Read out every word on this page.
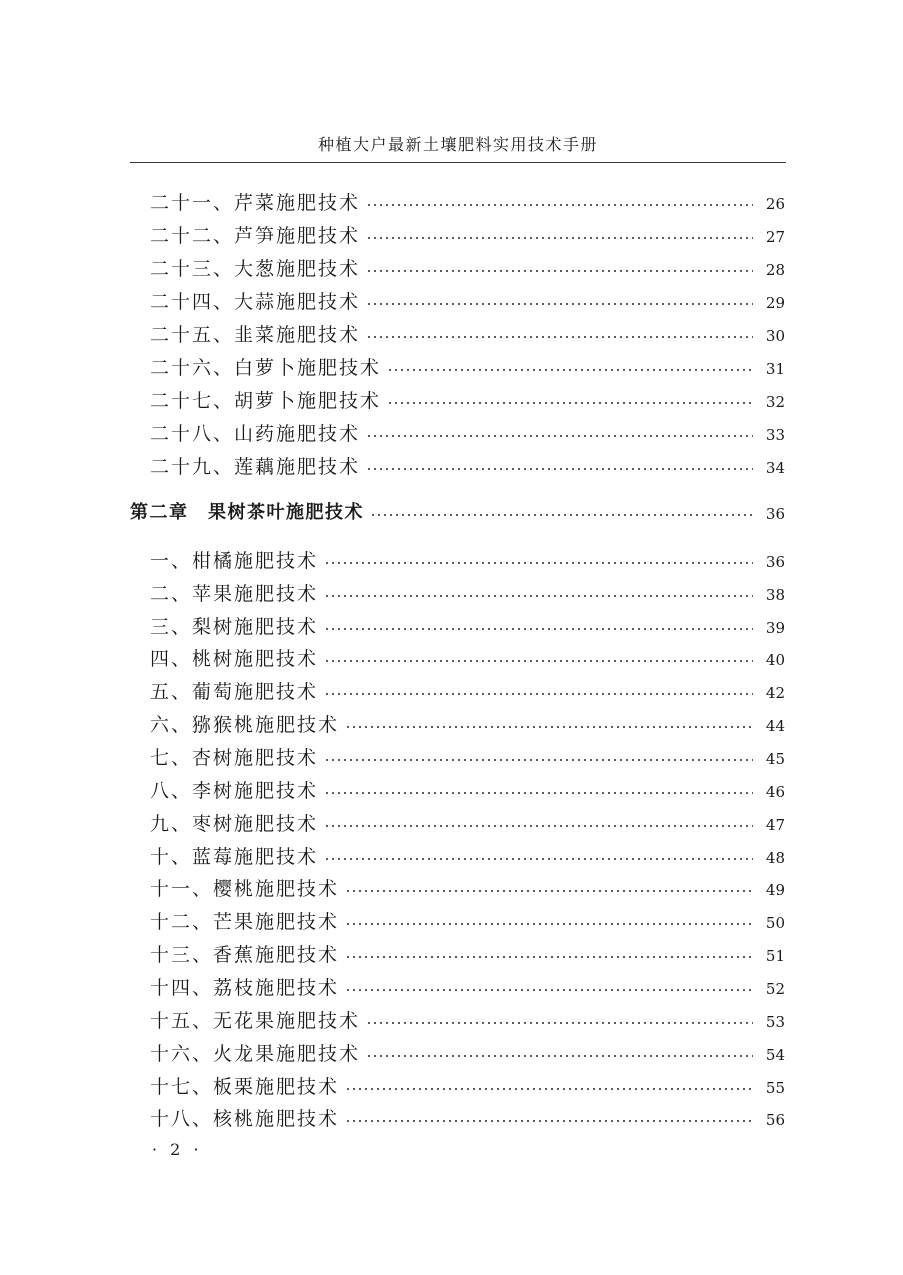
种植大户最新土壤肥料实用技术手册
二十一、芹菜施肥技术	26
二十二、芦笋施肥技术	27
二十三、大葱施肥技术	28
二十四、大蒜施肥技术	29
二十五、韭菜施肥技术	30
二十六、白萝卜施肥技术	31
二十七、胡萝卜施肥技术	32
二十八、山药施肥技术	33
二十九、莲藕施肥技术	34
第二章　果树茶叶施肥技术	36
一、柑橘施肥技术	36
二、苹果施肥技术	38
三、梨树施肥技术	39
四、桃树施肥技术	40
五、葡萄施肥技术	42
六、猕猴桃施肥技术	44
七、杏树施肥技术	45
八、李树施肥技术	46
九、枣树施肥技术	47
十、蓝莓施肥技术	48
十一、樱桃施肥技术	49
十二、芒果施肥技术	50
十三、香蕉施肥技术	51
十四、荔枝施肥技术	52
十五、无花果施肥技术	53
十六、火龙果施肥技术	54
十七、板栗施肥技术	55
十八、核桃施肥技术	56
· 2 ·
